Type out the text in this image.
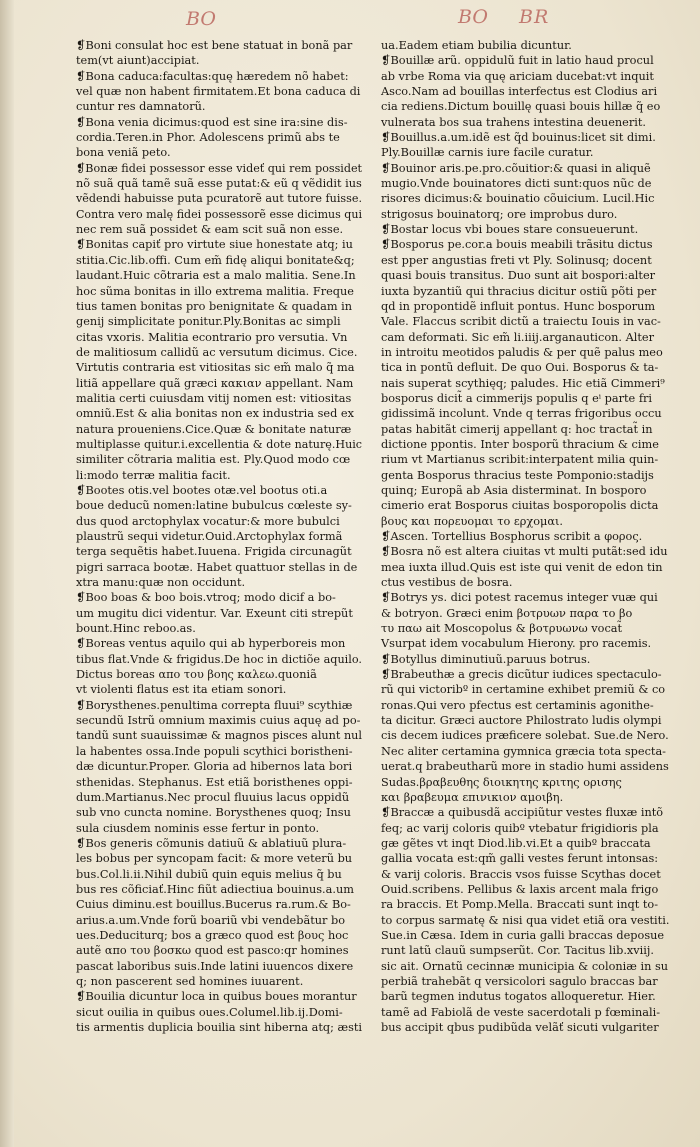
BO	BO BR
❡Boni consulat hoc est bene statuat in bonã par
tem(vt aiunt)accipiat.
❡Bona caduca:facultas:quę hæredem nõ habet:
vel quæ non habent firmitatem.Et bona caduca di
cuntur res damnatorũ.
❡Bona venia dicimus:quod est sine ira:sine dis-
cordia.Teren.in Phor. Adolescens primũ abs te
bona veniã peto.
❡Bonæ fidei possessor esse videť qui rem possidet
nõ suã quã tamẽ suã esse putat:& eũ q vẽdidit ius
vẽdendi habuisse puta pcuratorẽ aut tutore fuisse.
Contra vero malę fidei possessorẽ esse dicimus qui
nec rem suã possidet & eam scit suã non esse.
❡Bonitas capiť pro virtute siue honestate atq; iu
stitia.Cic.lib.offi. Cum em̃ fidę aliqui bonitate&q;
laudant.Huic cõtraria est a malo malitia. Sene.In
hoc sũma bonitas in illo extrema malitia. Freque
tius tamen bonitas pro benignitate & quadam in
genij simplicitate ponitur.Ply.Bonitas ac simpli
citas vxoris. Malitia econtrario pro versutia. Vn
de malitiosum callidũ ac versutum dicimus. Cice.
Virtutis contraria est vitiositas sic em̃ malo q̃ ma
litiã appellare quã græci κακιαν appellant. Nam
malitia certi cuiusdam vitij nomen est: vitiositas
omniũ.Est & alia bonitas non ex industria sed ex
natura proueniens.Cice.Quæ & bonitate naturæ
multiplasse quitur.i.excellentia & dote naturę.Huic
similiter cõtraria malitia est. Ply.Quod modo cœ
li:modo terræ malitia facit.
❡Bootes otis.vel bootes otæ.vel bootus oti.a
boue deducũ nomen:latine bubulcus cœleste sy-
dus quod arctophylax vocatur:& more bubulci
plaustrũ sequi videtur.Ouid.Arctophylax formã
terga sequẽtis habet.Iuuena. Frigida circunagũt
pigri sarraca bootæ. Habet quattuor stellas in de
xtra manu:quæ non occidunt.
❡Boo boas & boo bois.vtroq; modo dicif a bo-
um mugitu dici videntur. Var. Exeunt citi strepũt
bount.Hinc reboo.as.
❡Boreas ventus aquilo qui ab hyperboreis mon
tibus flat.Vnde & frigidus.De hoc in dictiõe aquilo.
Dictus boreas απο του βοης καλεω.quoniã
vt violenti flatus est ita etiam sonori.
❡Borysthenes.penultima correpta fluui⁹ scythiæ
secundũ Istrũ omnium maximis cuius aquę ad po-
tandũ sunt suauissimæ & magnos pisces alunt nul
la habentes ossa.Inde populi scythici boristheni-
dæ dicuntur.Proper. Gloria ad hibernos lata bori
sthenidas. Stephanus. Est etiã boristhenes oppi-
dum.Martianus.Nec procul fluuius lacus oppidũ
sub vno cuncta nomine. Borysthenes quoq; Insu
sula ciusdem nominis esse fertur in ponto.
❡Bos generis cõmunis datiuũ & ablatiuũ plura-
les bobus per syncopam facit: & more veterũ bu
bus.Col.li.ii.Nihil dubiũ quin equis melius q̃ bu
bus res cõficiať.Hinc fiũt adiectiua bouinus.a.um
Cuius diminu.est bouillus.Bucerus ra.rum.& Bo-
arius.a.um.Vnde forũ boariũ vbi vendebãtur bo
ues.Deduciturq; bos a græco quod est βους hoc
autẽ απο του βοσκω quod est pasco:qr homines
pascat laboribus suis.Inde latini iuuencos dixere
q; non pascerent sed homines iuuarent.
❡Bouilia dicuntur loca in quibus boues morantur
sicut ouilia in quibus oues.Columel.lib.ij.Domi-
tis armentis duplicia bouilia sint hiberna atq; æsti
ua.Eadem etiam bubilia dicuntur.
❡Bouillæ arũ. oppidulũ fuit in latio haud procul
ab vrbe Roma via quę ariciam ducebat:vt inquit
Asco.Nam ad bouillas interfectus est Clodius ari
cia rediens.Dictum bouillę quasi bouis hillæ q̃ eo
vulnerata bos sua trahens intestina deuenerit.
❡Bouillus.a.um.idẽ est q̃d bouinus:licet sit dimi.
Ply.Bouillæ carnis iure facile curatur.
❡Bouinor aris.pe.pro.cõuitior:& quasi in aliquẽ
mugio.Vnde bouinatores dicti sunt:quos nũc de
risores dicimus:& bouinatio cõuicium. Lucil.Hic
strigosus bouinatorq; ore improbus duro.
❡Bostar locus vbi boues stare consueuerunt.
❡Bosporus pe.cor.a bouis meabili trãsitu dictus
est pper angustias freti vt Ply. Solinusq; docent
quasi bouis transitus. Duo sunt ait bospori:alter
iuxta byzantiũ qui thracius dicitur ostiũ põti per
qd in propontidẽ influit pontus. Hunc bosporum
Vale. Flaccus scribit dictũ a traiectu Iouis in vac-
cam deformati. Sic em̃ li.iiij.arganauticon. Alter
in introitu meotidos paludis & per quẽ palus meo
tica in pontũ defluit. De quo Oui. Bosporus & ta-
nais superat scythięq; paludes. Hic etiã Cimmeri⁹
bosporus dicit̃ a cimmerijs populis q eⁱ parte fri
gidissimã incolunt. Vnde q terras frigoribus occu
patas habitãt cimerij appellant q: hoc tractat̃ in
dictione ppontis. Inter bosporũ thracium & cime
rium vt Martianus scribit:interpatent milia quin-
genta Bosporus thracius teste Pomponio:stadijs
quinq; Europã ab Asia disterminat. In bosporo
cimerio erat Bosporus ciuitas bosporopolis dicta
βους και πορευομαι το ερχομαι.
❡Ascen. Tortellius Bosphorus scribit a φορος.
❡Bosra nõ est altera ciuitas vt multi putãt:sed idu
mea iuxta illud.Quis est iste qui venit de edon tin
ctus vestibus de bosra.
❡Botrys ys. dici potest racemus integer vuæ qui
& botryon. Græci enim βοτρυων παρα το βο
τυ παω ait Moscopolus & βοτρυωνω vocat̃
Vsurpat idem vocabulum Hierony. pro racemis.
❡Botyllus diminutiuũ.paruus botrus.
❡Brabeuthæ a grecis dicũtur iudices spectaculo-
rũ qui victoribº in certamine exhibet premiũ & co
ronas.Qui vero pfectus est certaminis agonithe-
ta dicitur. Græci auctore Philostrato ludis olympi
cis decem iudices præficere solebat. Sue.de Nero.
Nec aliter certamina gymnica græcia tota specta-
uerat.q brabeutharũ more in stadio humi assidens
Sudas.βραβευθης διοικητης κριτης ορισης
και βραβευμα επινικιον αμοιβη.
❡Braccæ a quibusdã accipiũtur vestes fluxæ intõ
feq; ac varij coloris quibº vtebatur frigidioris pla
gæ gẽtes vt inqt Diod.lib.vi.Et a quibº braccata
gallia vocata est:qm̃ galli vestes ferunt intonsas:
& varij coloris. Braccis vsos fuisse Scythas docet
Ouid.scribens. Pellibus & laxis arcent mala frigo
ra braccis. Et Pomp.Mella. Braccati sunt inqt to-
to corpus sarmatę & nisi qua videt etiã ora vestiti.
Sue.in Cæsa. Idem in curia galli braccas deposue
runt latũ clauũ sumpserũt. Cor. Tacitus lib.xviij.
sic ait. Ornatũ cecinnæ municipia & coloniæ in su
perbiã trahebãt q versicolori sagulo braccas bar
barũ tegmen indutus togatos alloqueretur. Hier.
tamẽ ad Fabiolã de veste sacerdotali p fœminali-
bus accipit qbus pudibũda velãť sicuti vulgariter
